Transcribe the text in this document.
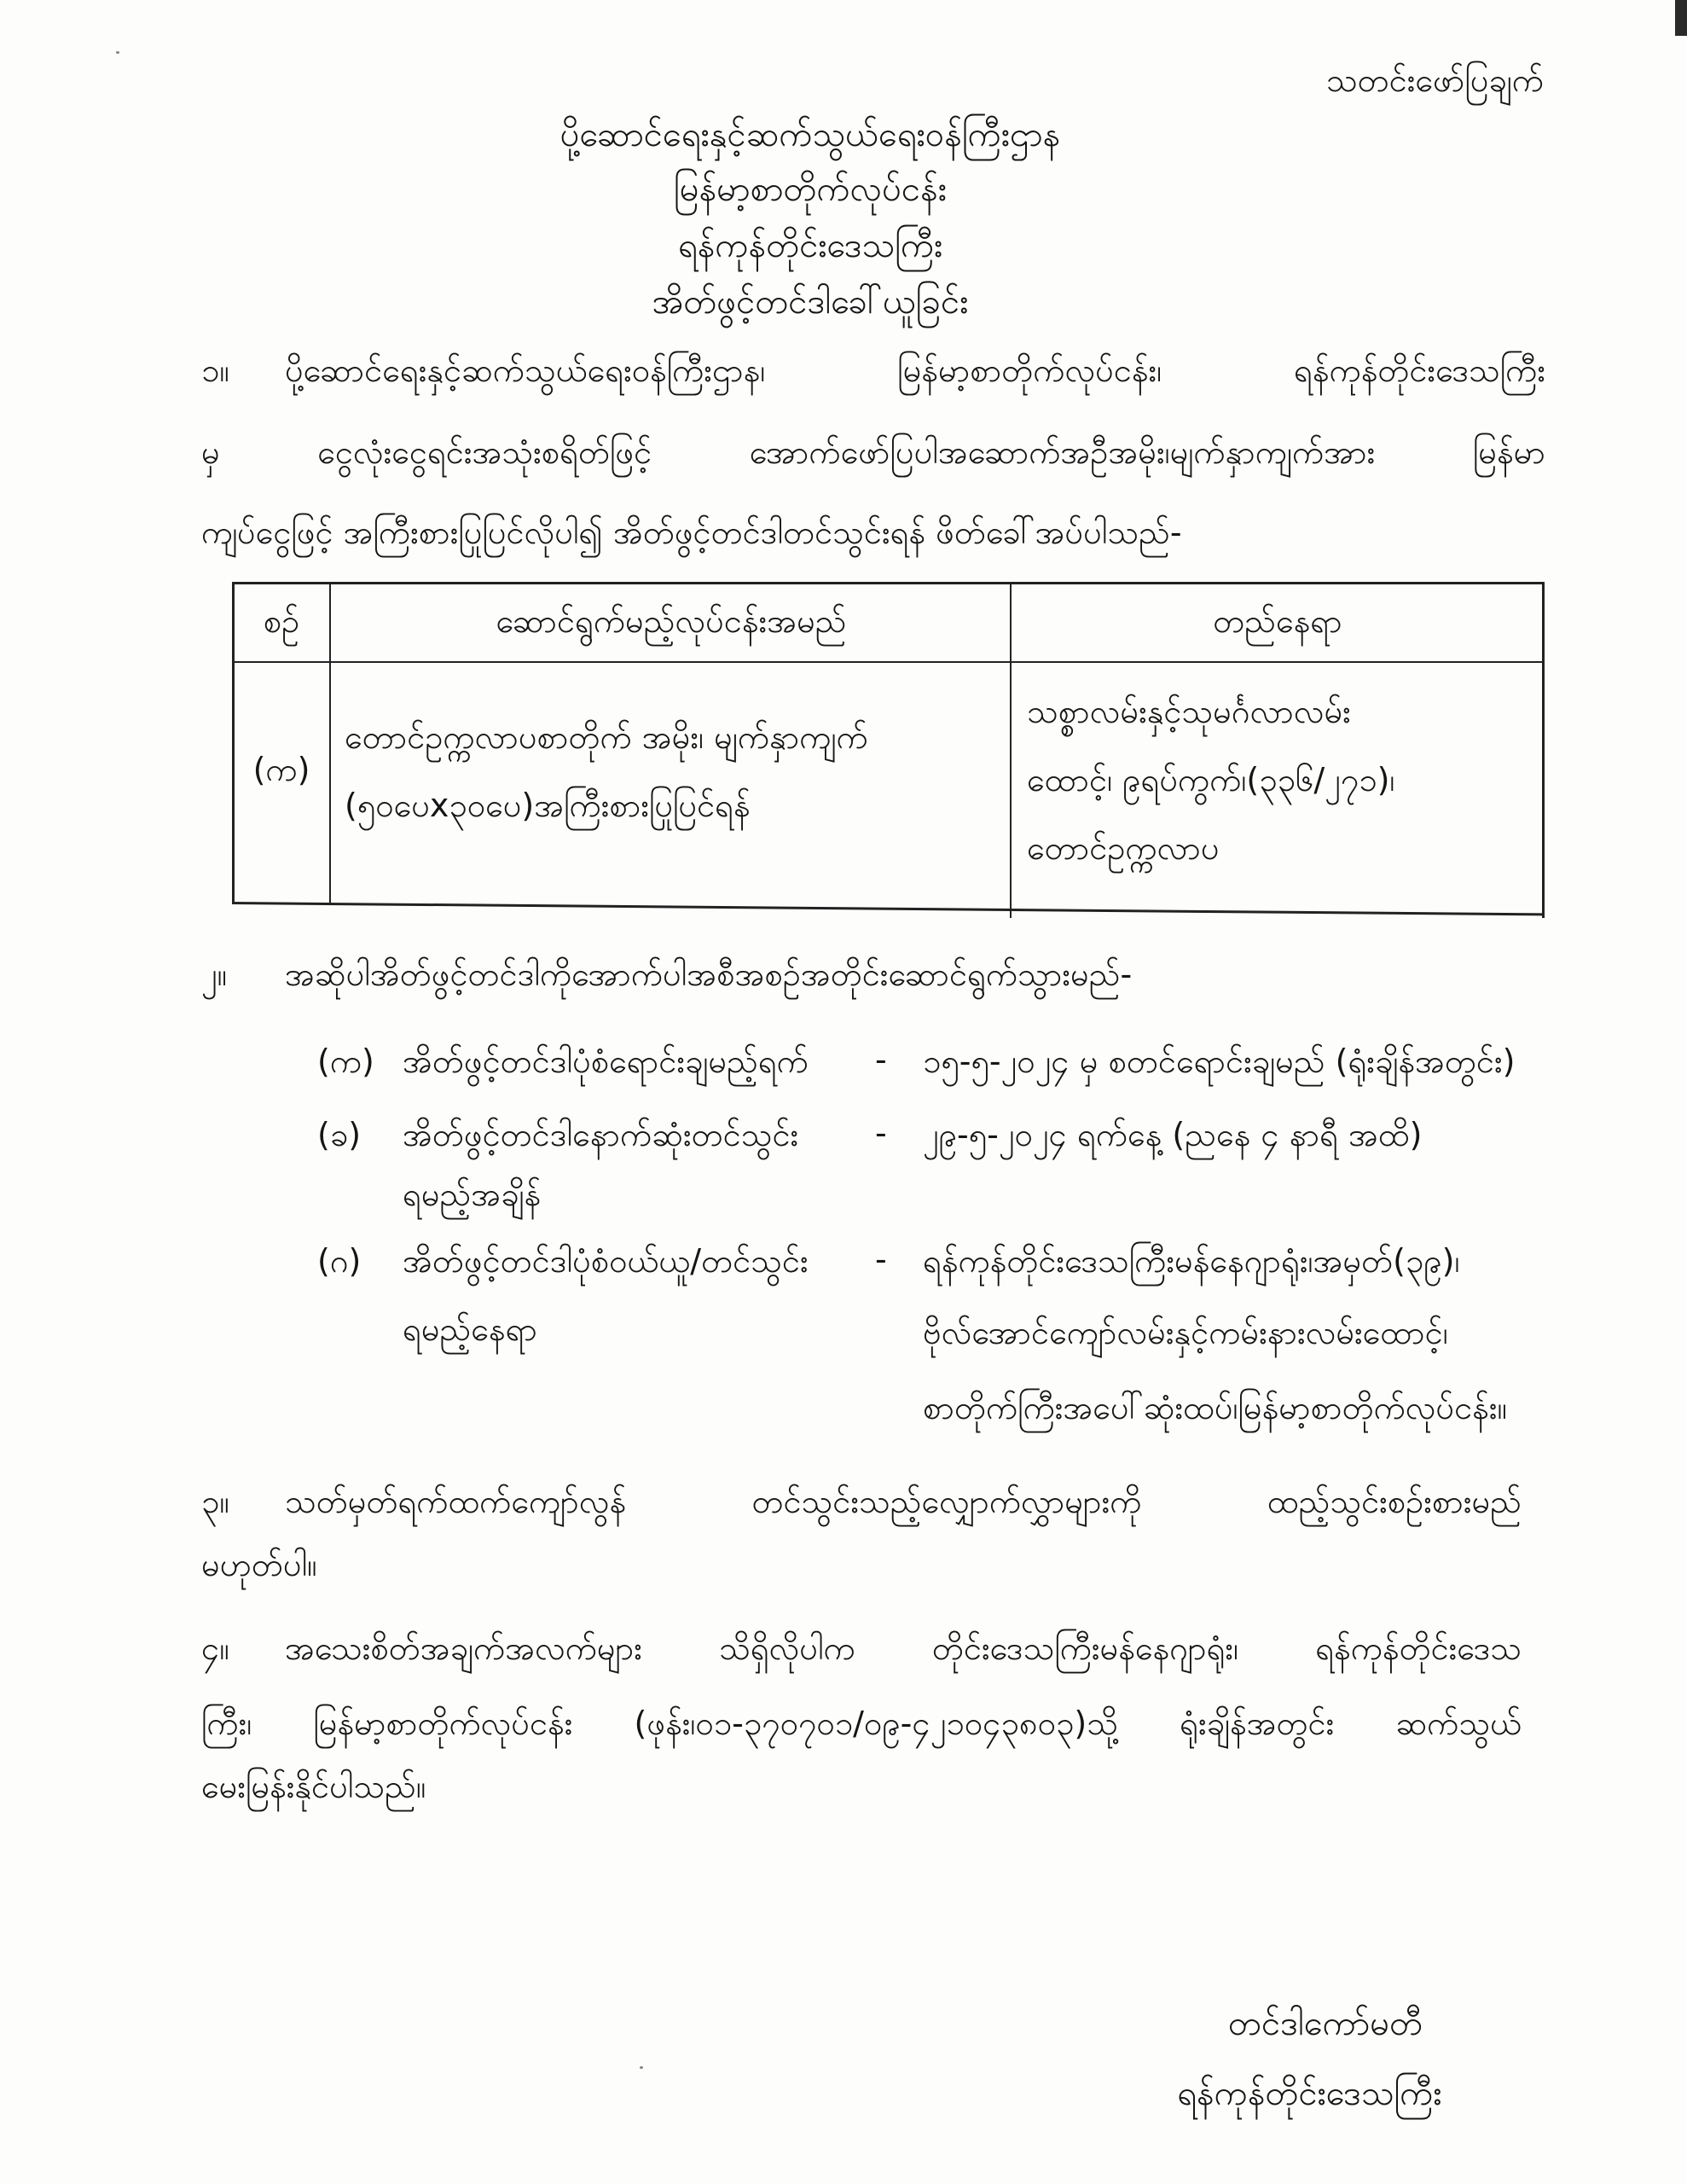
သတင်းဖော်ပြချက်
ပို့ဆောင်ရေးနှင့်ဆက်သွယ်ရေးဝန်ကြီးဌာန
မြန်မာ့စာတိုက်လုပ်ငန်း
ရန်ကုန်တိုင်းဒေသကြီး
အိတ်ဖွင့်တင်ဒါခေါ်ယူခြင်း
၁။ ပို့ဆောင်ရေးနှင့်ဆက်သွယ်ရေးဝန်ကြီးဌာန၊ မြန်မာ့စာတိုက်လုပ်ငန်း၊ ရန်ကုန်တိုင်းဒေသကြီး
မှ ငွေလုံးငွေရင်းအသုံးစရိတ်ဖြင့် အောက်ဖော်ပြပါအဆောက်အဦအမိုး၊မျက်နှာကျက်အား မြန်မာ
ကျပ်ငွေဖြင့် အကြီးစားပြုပြင်လိုပါ၍ အိတ်ဖွင့်တင်ဒါတင်သွင်းရန် ဖိတ်ခေါ်အပ်ပါသည်-
စဉ်	ဆောင်ရွက်မည့်လုပ်ငန်းအမည်	တည်နေရာ
(က)
တောင်ဥက္ကလာပစာတိုက် အမိုး၊ မျက်နှာကျက်
(၅၀ပေx၃၀ပေ)အကြီးစားပြုပြင်ရန်
သစ္စာလမ်းနှင့်သုမင်္ဂလာလမ်း
ထောင့်၊ ၉ရပ်ကွက်၊(၃၃၆/၂၇၁)၊
တောင်ဥက္ကလာပ
၂။ အဆိုပါအိတ်ဖွင့်တင်ဒါကိုအောက်ပါအစီအစဉ်အတိုင်းဆောင်ရွက်သွားမည်-
(က) အိတ်ဖွင့်တင်ဒါပုံစံရောင်းချမည့်ရက် - ၁၅-၅-၂၀၂၄ မှ စတင်ရောင်းချမည် (ရုံးချိန်အတွင်း)
(ခ) အိတ်ဖွင့်တင်ဒါနောက်ဆုံးတင်သွင်း
ရမည့်အချိန်
- ၂၉-၅-၂၀၂၄ ရက်နေ့ (ညနေ ၄ နာရီ အထိ)
(ဂ) အိတ်ဖွင့်တင်ဒါပုံစံဝယ်ယူ/တင်သွင်း
ရမည့်နေရာ
- ရန်ကုန်တိုင်းဒေသကြီးမန်နေဂျာရုံး၊အမှတ်(၃၉)၊
ဗိုလ်အောင်ကျော်လမ်းနှင့်ကမ်းနားလမ်းထောင့်၊
စာတိုက်ကြီးအပေါ်ဆုံးထပ်၊မြန်မာ့စာတိုက်လုပ်ငန်း။
၃။ သတ်မှတ်ရက်ထက်ကျော်လွန် တင်သွင်းသည့်လျှောက်လွှာများကို ထည့်သွင်းစဉ်းစားမည်
မဟုတ်ပါ။
၄။ အသေးစိတ်အချက်အလက်များ သိရှိလိုပါက တိုင်းဒေသကြီးမန်နေဂျာရုံး၊ ရန်ကုန်တိုင်းဒေသ
ကြီး၊ မြန်မာ့စာတိုက်လုပ်ငန်း (ဖုန်း၊၀၁-၃၇၀၇၀၁/၀၉-၄၂၁၀၄၃၈၀၃)သို့ ရုံးချိန်အတွင်း ဆက်သွယ်
မေးမြန်းနိုင်ပါသည်။
တင်ဒါကော်မတီ
ရန်ကုန်တိုင်းဒေသကြီး
